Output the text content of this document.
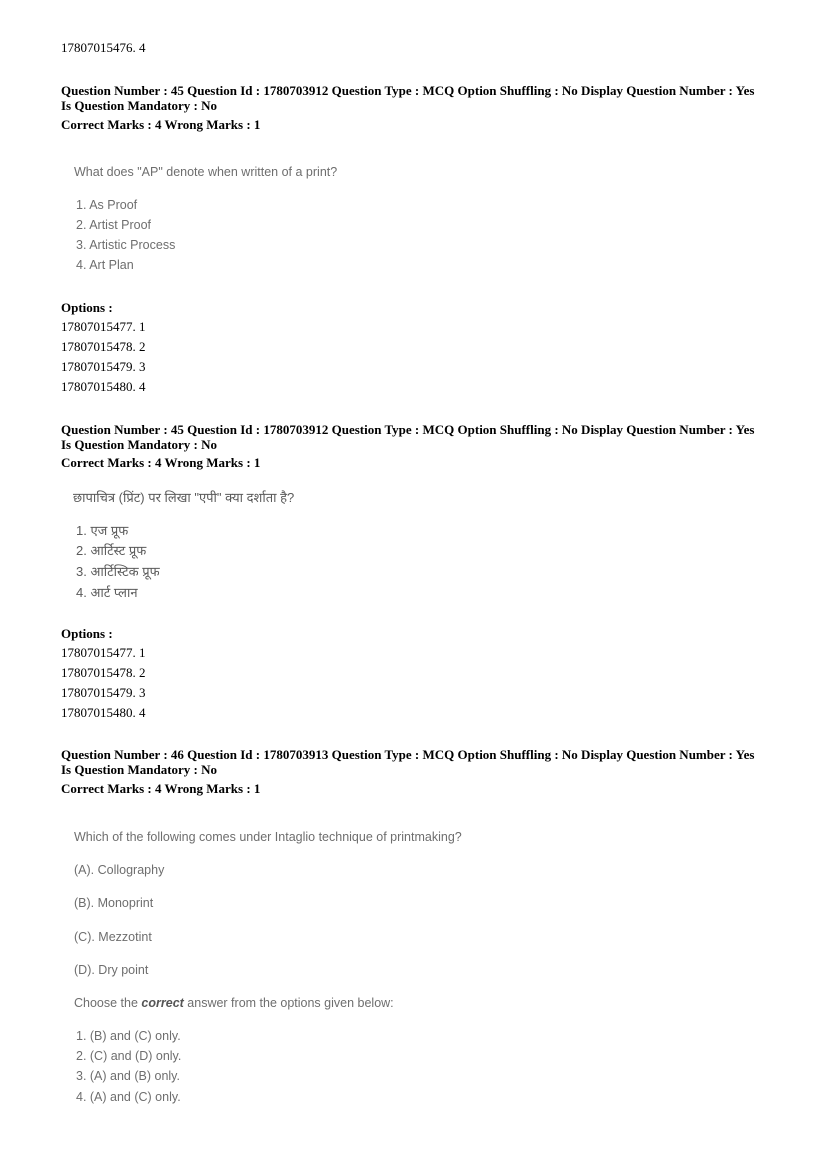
17807015476. 4
Question Number : 45 Question Id : 1780703912 Question Type : MCQ Option Shuffling : No Display Question Number : Yes
Is Question Mandatory : No
Correct Marks : 4 Wrong Marks : 1
What does "AP" denote when written of a print?
1. As Proof
2. Artist Proof
3. Artistic Process
4. Art Plan
Options :
17807015477. 1
17807015478. 2
17807015479. 3
17807015480. 4
Question Number : 45 Question Id : 1780703912 Question Type : MCQ Option Shuffling : No Display Question Number : Yes
Is Question Mandatory : No
Correct Marks : 4 Wrong Marks : 1
छापाचित्र (प्रिंट) पर लिखा "एपी" क्या दर्शाता है?
1. एज प्रूफ
2. आर्टिस्ट प्रूफ
3. आर्टिस्टिक प्रूफ
4. आर्ट प्लान
Options :
17807015477. 1
17807015478. 2
17807015479. 3
17807015480. 4
Question Number : 46 Question Id : 1780703913 Question Type : MCQ Option Shuffling : No Display Question Number : Yes
Is Question Mandatory : No
Correct Marks : 4 Wrong Marks : 1
Which of the following comes under Intaglio technique of printmaking?
(A). Collography
(B). Monoprint
(C). Mezzotint
(D). Dry point
Choose the correct answer from the options given below:
1. (B) and (C) only.
2. (C) and (D) only.
3. (A) and (B) only.
4. (A) and (C) only.
